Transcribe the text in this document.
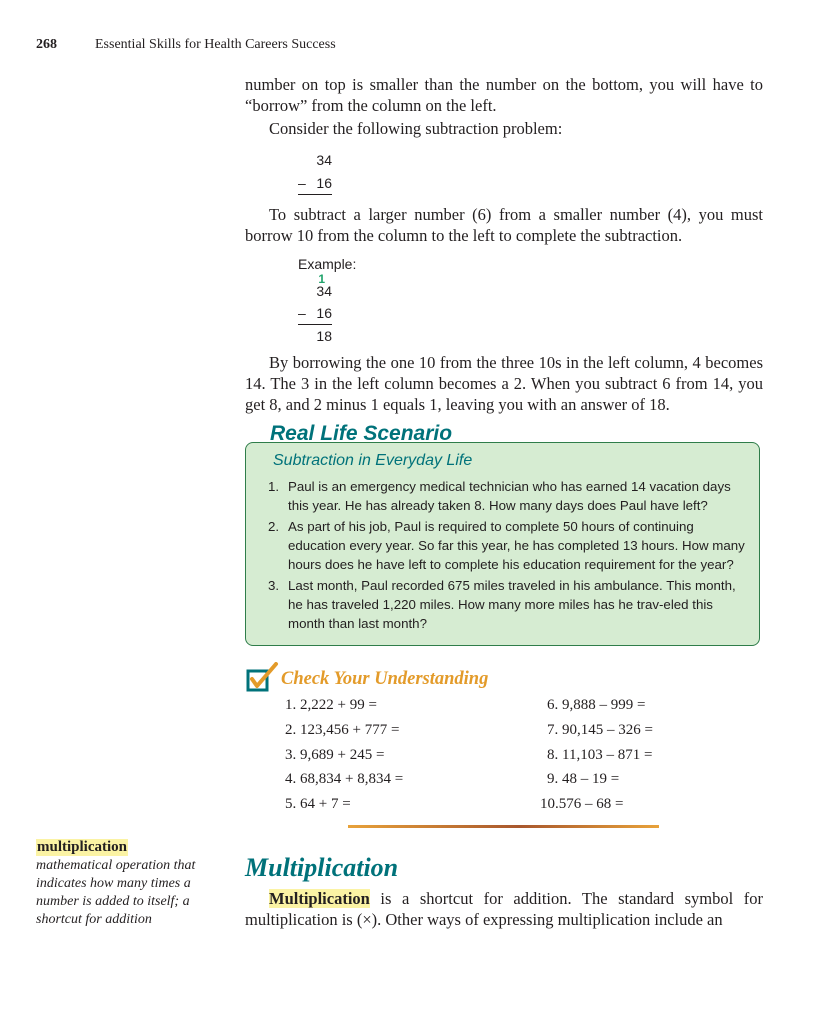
268	Essential Skills for Health Careers Success
number on top is smaller than the number on the bottom, you will have to “borrow” from the column on the left.
Consider the following subtraction problem:
34
– 16
To subtract a larger number (6) from a smaller number (4), you must borrow 10 from the column to the left to complete the subtraction.
Example:
1
34
– 16
18
By borrowing the one 10 from the three 10s in the left column, 4 becomes 14. The 3 in the left column becomes a 2. When you subtract 6 from 14, you get 8, and 2 minus 1 equals 1, leaving you with an answer of 18.
Real Life Scenario
Subtraction in Everyday Life
1. Paul is an emergency medical technician who has earned 14 vacation days this year. He has already taken 8. How many days does Paul have left?
2. As part of his job, Paul is required to complete 50 hours of continuing education every year. So far this year, he has completed 13 hours. How many hours does he have left to complete his education requirement for the year?
3. Last month, Paul recorded 675 miles traveled in his ambulance. This month, he has traveled 1,220 miles. How many more miles has he trav-eled this month than last month?
Check Your Understanding
1. 2,222 + 99 =
2. 123,456 + 777 =
3. 9,689 + 245 =
4. 68,834 + 8,834 =
5. 64 + 7 =
6. 9,888 – 999 =
7. 90,145 – 326 =
8. 11,103 – 871 =
9. 48 – 19 =
10.576 – 68 =
multiplication
mathematical operation that indicates how many times a number is added to itself; a shortcut for addition
Multiplication
Multiplication is a shortcut for addition. The standard symbol for multiplication is (×). Other ways of expressing multiplication include an
